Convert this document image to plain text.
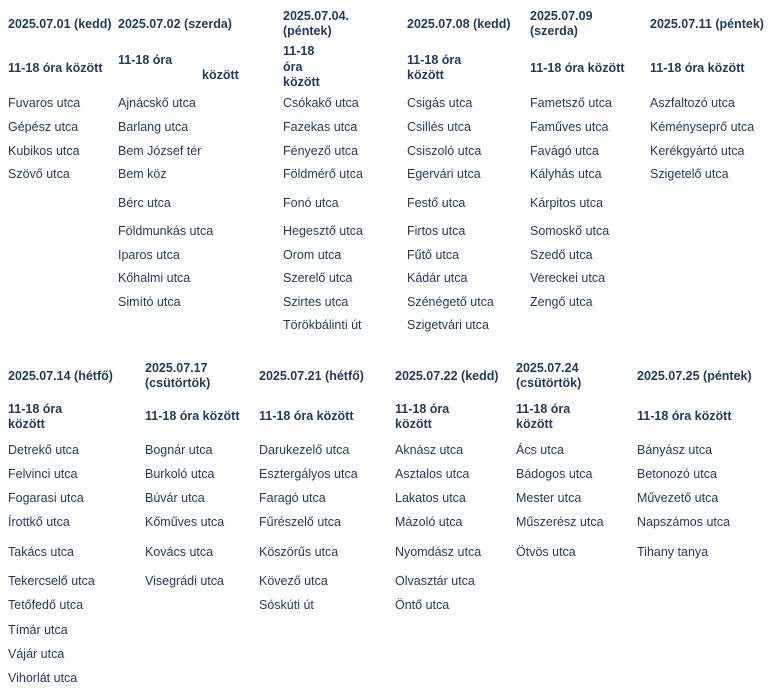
2025.07.01 (kedd)
11-18 óra között
Fuvaros utca
Gépész utca
Kubikos utca
Szövő utca
2025.07.02 (szerda)
11-18 óra
között
Ajnácskő utca
Barlang utca
Bem József tér
Bem köz
Bérc utca
Földmunkás utca
Iparos utca
Kőhalmi utca
Simító utca
2025.07.04.
(péntek)
11-18
óra
között
Csókakő utca
Fazekas utca
Fényező utca
Földmérő utca
Fonó utca
Hegesztő utca
Orom utca
Szerelő utca
Szirtes utca
Törökbálinti út
2025.07.08 (kedd)
11-18 óra
között
Csigás utca
Csillés utca
Csiszoló utca
Egervári utca
Festő utca
Firtos utca
Fűtő utca
Kádár utca
Szénégető utca
Szigetvári utca
2025.07.09
(szerda)
11-18 óra között
Fametsző utca
Faműves utca
Favágó utca
Kályhás utca
Kárpitos utca
Somoskő utca
Szedő utca
Vereckei utca
Zengő utca
2025.07.11 (péntek)
11-18 óra között
Aszfaltozó utca
Kéményseprő utca
Kerékgyártó utca
Szigetelő utca
2025.07.14 (hétfő)
11-18 óra
között
Detrekő utca
Felvinci utca
Fogarasi utca
Írottkő utca
Takács utca
Tekercselő utca
Tetőfedő utca
Tímár utca
Vájár utca
Vihorlát utca
2025.07.17
(csütörtök)
11-18 óra között
Bognár utca
Burkoló utca
Búvár utca
Kőműves utca
Kovács utca
Visegrádi utca
2025.07.21 (hétfő)
11-18 óra között
Darukezelő utca
Esztergályos utca
Faragó utca
Fűrészelő utca
Köszörűs utca
Kövező utca
Sóskúti út
2025.07.22 (kedd)
11-18 óra
között
Aknász utca
Asztalos utca
Lakatos utca
Mázoló utca
Nyomdász utca
Olvasztár utca
Öntő utca
2025.07.24
(csütörtök)
11-18 óra
között
Ács utca
Bádogos utca
Mester utca
Műszerész utca
Ötvös utca
2025.07.25 (péntek)
11-18 óra között
Bányász utca
Betonozó utca
Művezető utca
Napszámos utca
Tihany tanya
